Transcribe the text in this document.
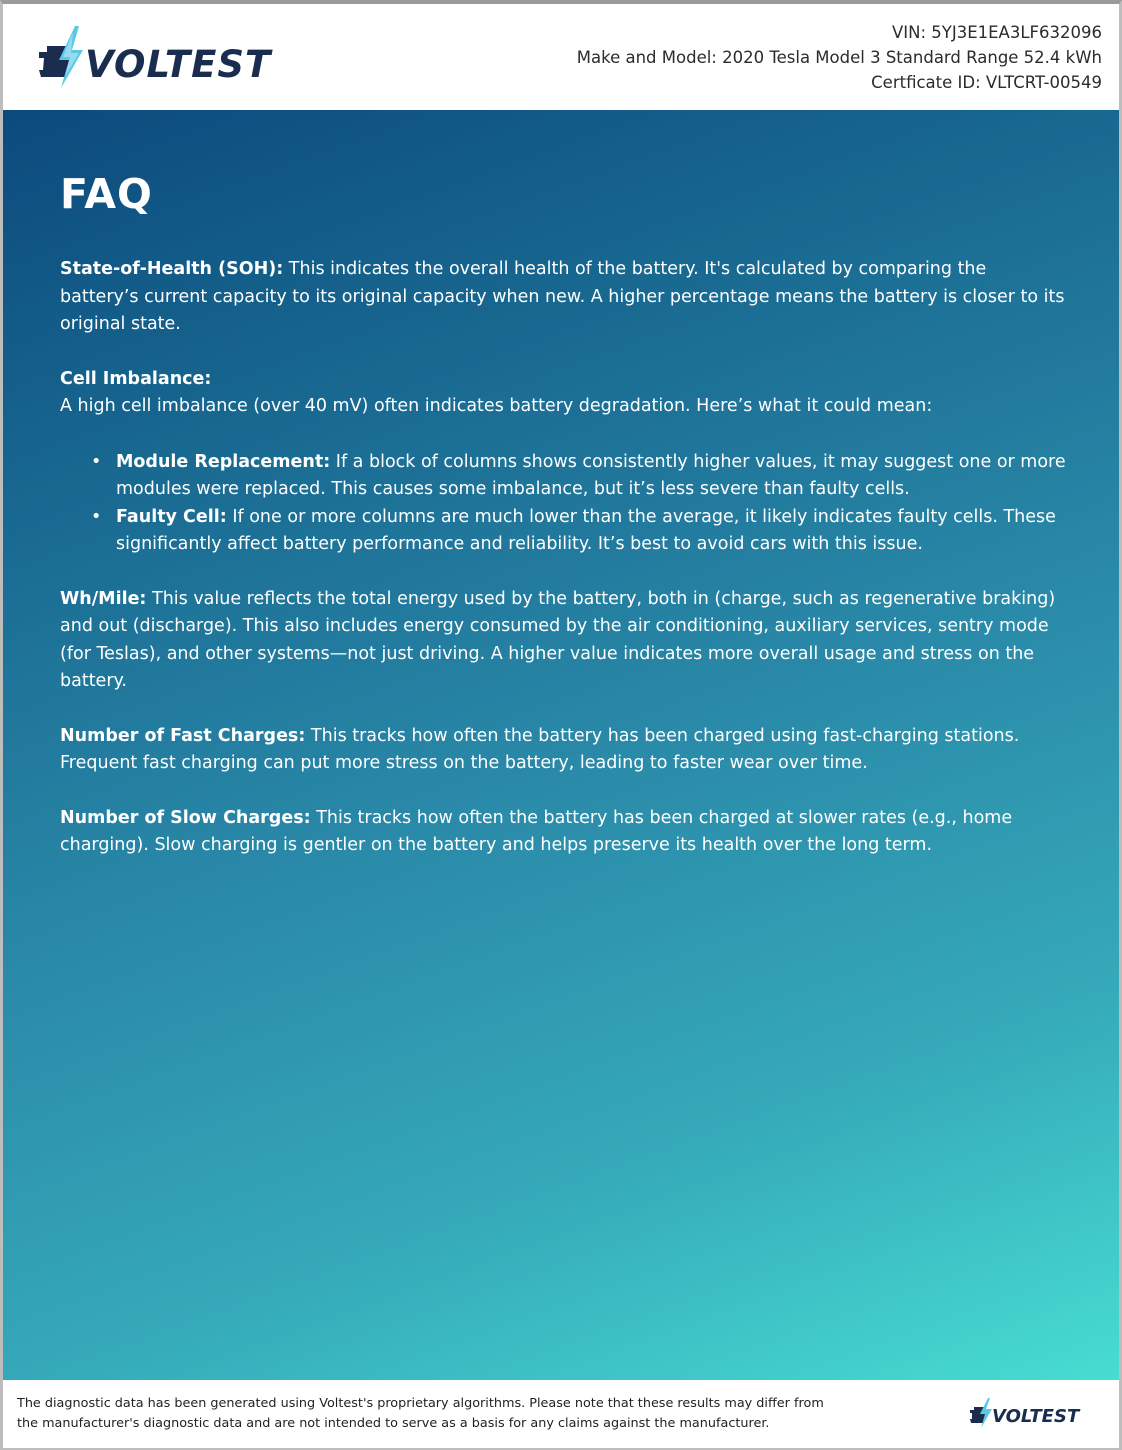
VOLTEST
VIN: 5YJ3E1EA3LF632096
Make and Model: 2020 Tesla Model 3 Standard Range 52.4 kWh
Certficate ID: VLTCRT-00549
FAQ

State-of-Health (SOH): This indicates the overall health of the battery. It's calculated by comparing the battery’s current capacity to its original capacity when new. A higher percentage means the battery is closer to its original state.

Cell Imbalance:
A high cell imbalance (over 40 mV) often indicates battery degradation. Here’s what it could mean:
• Module Replacement: If a block of columns shows consistently higher values, it may suggest one or more modules were replaced. This causes some imbalance, but it’s less severe than faulty cells.
• Faulty Cell: If one or more columns are much lower than the average, it likely indicates faulty cells. These significantly affect battery performance and reliability. It’s best to avoid cars with this issue.

Wh/Mile: This value reflects the total energy used by the battery, both in (charge, such as regenerative braking) and out (discharge). This also includes energy consumed by the air conditioning, auxiliary services, sentry mode (for Teslas), and other systems—not just driving. A higher value indicates more overall usage and stress on the battery.

Number of Fast Charges: This tracks how often the battery has been charged using fast-charging stations. Frequent fast charging can put more stress on the battery, leading to faster wear over time.

Number of Slow Charges: This tracks how often the battery has been charged at slower rates (e.g., home charging). Slow charging is gentler on the battery and helps preserve its health over the long term.

The diagnostic data has been generated using Voltest's proprietary algorithms. Please note that these results may differ from
the manufacturer's diagnostic data and are not intended to serve as a basis for any claims against the manufacturer.	VOLTEST
